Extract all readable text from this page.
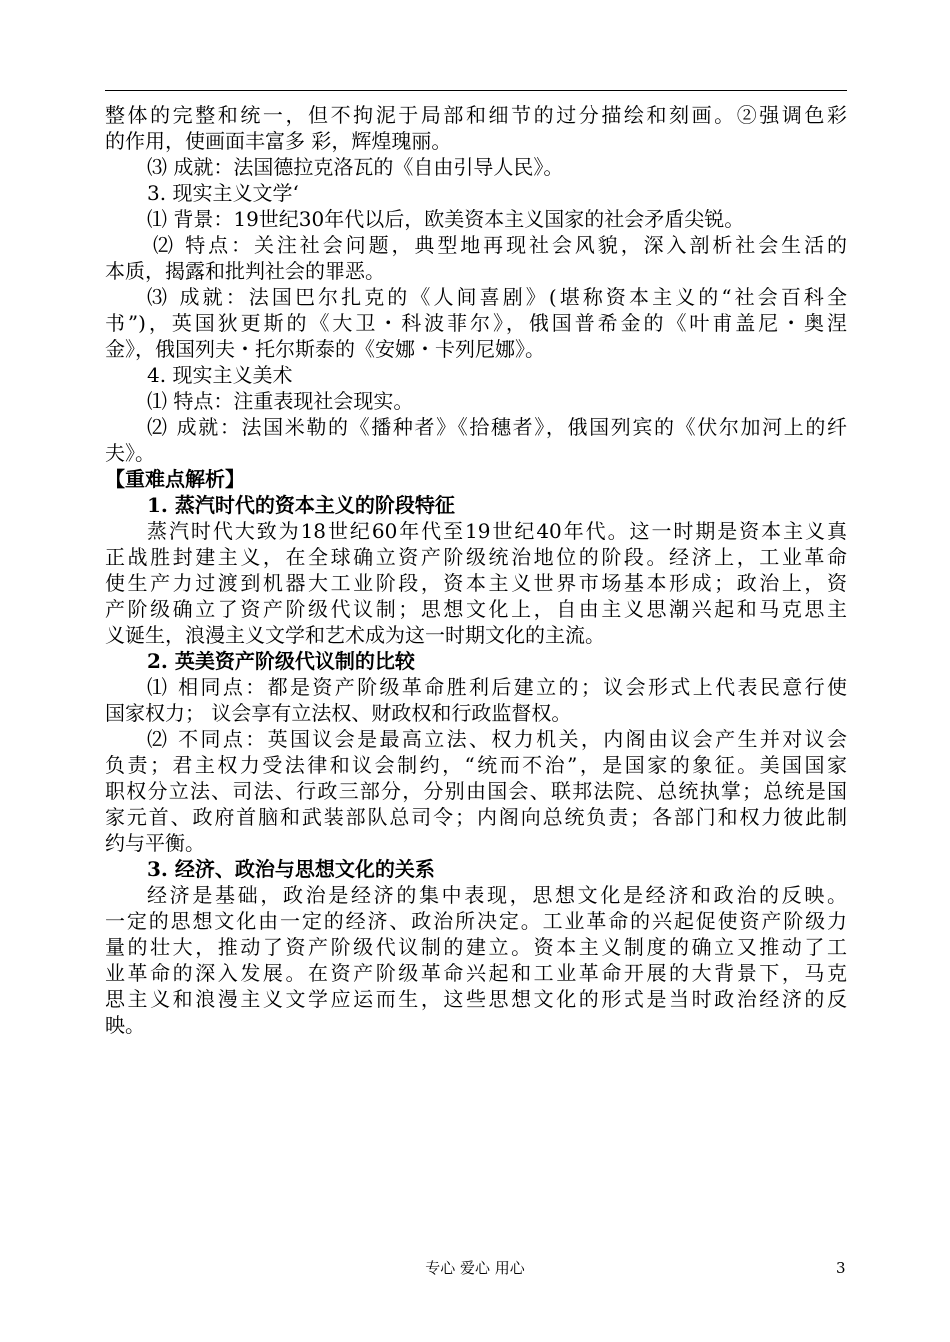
整体的完整和统一，但不拘泥于局部和细节的过分描绘和刻画。②强调色彩
的作用，使画面丰富多 彩，辉煌瑰丽。
⑶ 成就：法国德拉克洛瓦的《自由引导人民》。
3. 现实主义文学‘
⑴ 背景：19世纪30年代以后，欧美资本主义国家的社会矛盾尖锐。
⑵ 特点：关注社会问题，典型地再现社会风貌，深入剖析社会生活的
本质，揭露和批判社会的罪恶。
⑶ 成就：法国巴尔扎克的《人间喜剧》(堪称资本主义的“社会百科全
书”)，英国狄更斯的《大卫・科波菲尔》，俄国普希金的《叶甫盖尼・奥涅
金》，俄国列夫・托尔斯泰的《安娜・卡列尼娜》。
4. 现实主义美术
⑴ 特点：注重表现社会现实。
⑵ 成就：法国米勒的《播种者》《拾穗者》，俄国列宾的《伏尔加河上的纤
夫》。
【重难点解析】
1. 蒸汽时代的资本主义的阶段特征
蒸汽时代大致为18世纪60年代至19世纪40年代。这一时期是资本主义真
正战胜封建主义，在全球确立资产阶级统治地位的阶段。经济上，工业革命
使生产力过渡到机器大工业阶段，资本主义世界市场基本形成；政治上，资
产阶级确立了资产阶级代议制；思想文化上，自由主义思潮兴起和马克思主
义诞生，浪漫主义文学和艺术成为这一时期文化的主流。
2. 英美资产阶级代议制的比较
⑴ 相同点：都是资产阶级革命胜利后建立的；议会形式上代表民意行使
国家权力； 议会享有立法权、财政权和行政监督权。
⑵ 不同点：英国议会是最高立法、权力机关，内阁由议会产生并对议会
负责；君主权力受法律和议会制约，“统而不治”，是国家的象征。美国国家
职权分立法、司法、行政三部分，分别由国会、联邦法院、总统执掌；总统是国
家元首、政府首脑和武装部队总司令；内阁向总统负责；各部门和权力彼此制
约与平衡。
3. 经济、政治与思想文化的关系
经济是基础，政治是经济的集中表现，思想文化是经济和政治的反映。
一定的思想文化由一定的经济、政治所决定。工业革命的兴起促使资产阶级力
量的壮大，推动了资产阶级代议制的建立。资本主义制度的确立又推动了工
业革命的深入发展。在资产阶级革命兴起和工业革命开展的大背景下，马克
思主义和浪漫主义文学应运而生，这些思想文化的形式是当时政治经济的反
映。
专心 爱心 用心	3
